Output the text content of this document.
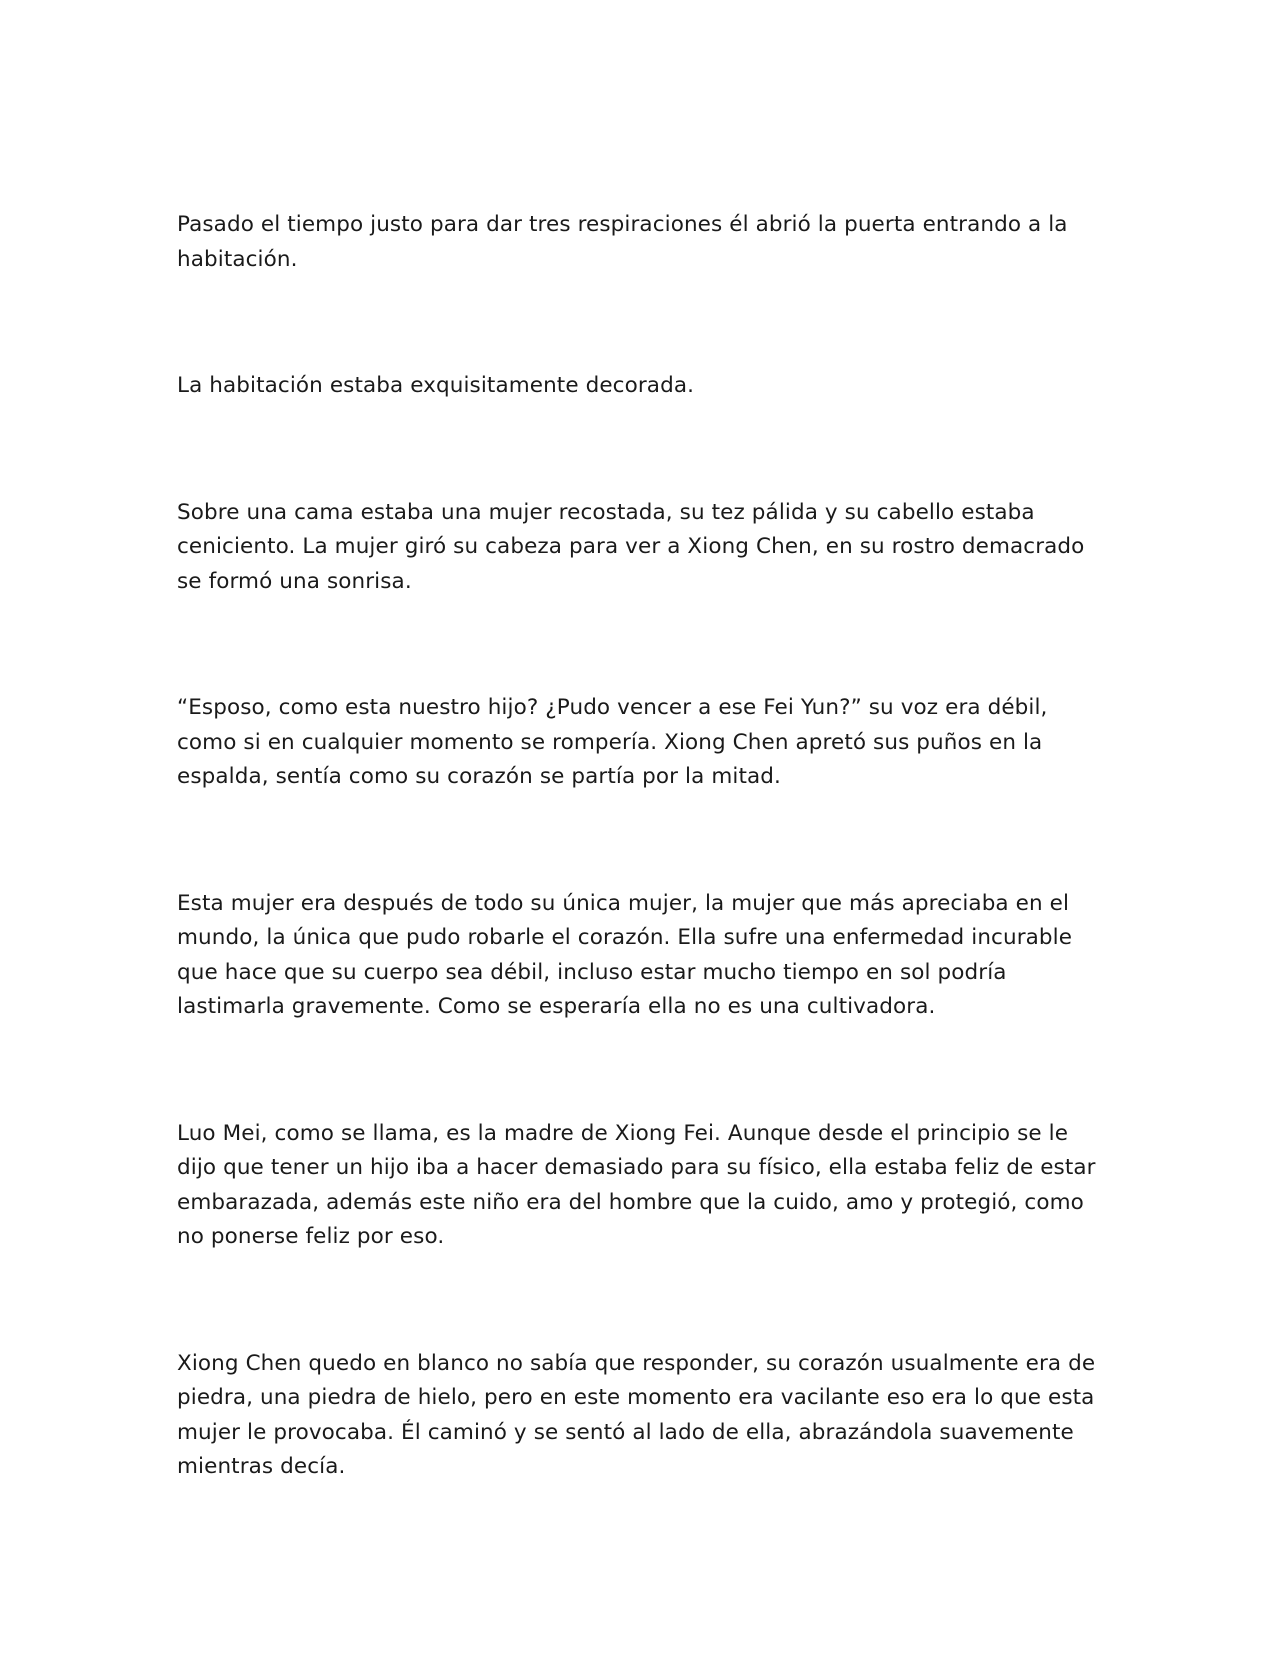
Pasado el tiempo justo para dar tres respiraciones él abrió la puerta entrando a la habitación.

La habitación estaba exquisitamente decorada.

Sobre una cama estaba una mujer recostada, su tez pálida y su cabello estaba ceniciento. La mujer giró su cabeza para ver a Xiong Chen, en su rostro demacrado se formó una sonrisa.

“Esposo, como esta nuestro hijo? ¿Pudo vencer a ese Fei Yun?” su voz era débil, como si en cualquier momento se rompería. Xiong Chen apretó sus puños en la espalda, sentía como su corazón se partía por la mitad.

Esta mujer era después de todo su única mujer, la mujer que más apreciaba en el mundo, la única que pudo robarle el corazón. Ella sufre una enfermedad incurable que hace que su cuerpo sea débil, incluso estar mucho tiempo en sol podría lastimarla gravemente. Como se esperaría ella no es una cultivadora.

Luo Mei, como se llama, es la madre de Xiong Fei. Aunque desde el principio se le dijo que tener un hijo iba a hacer demasiado para su físico, ella estaba feliz de estar embarazada, además este niño era del hombre que la cuido, amo y protegió, como no ponerse feliz por eso.

Xiong Chen quedo en blanco no sabía que responder, su corazón usualmente era de piedra, una piedra de hielo, pero en este momento era vacilante eso era lo que esta mujer le provocaba. Él caminó y se sentó al lado de ella, abrazándola suavemente mientras decía.
